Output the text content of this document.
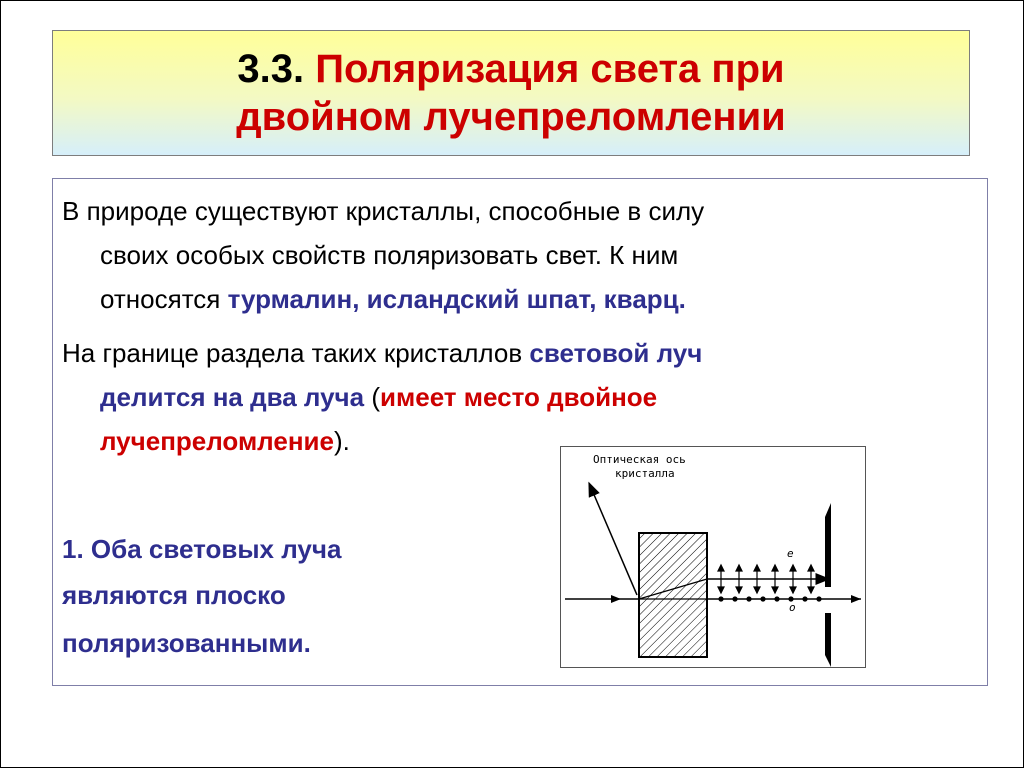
3.3. Поляризация света при
двойном лучепреломлении
В природе существуют кристаллы, способные в силу
своих особых свойств поляризовать свет. К ним
относятся турмалин, исландский шпат, кварц.
На границе раздела таких кристаллов световой луч
делится на два луча (имеет место двойное
лучепреломление).
1. Оба световых луча
являются плоско
поляризованными.
Оптическая ось
кристалла
e
o
